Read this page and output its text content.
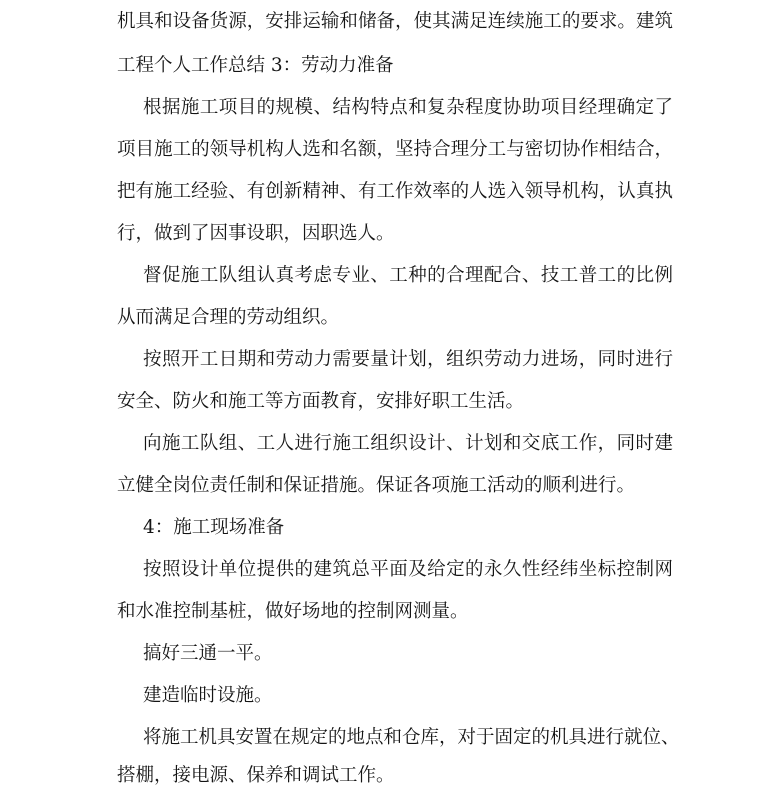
机具和设备货源，安排运输和储备，使其满足连续施工的要求。建筑
工程个人工作总结 3：劳动力准备
根据施工项目的规模、结构特点和复杂程度协助项目经理确定了
项目施工的领导机构人选和名额，坚持合理分工与密切协作相结合，
把有施工经验、有创新精神、有工作效率的人选入领导机构，认真执
行，做到了因事设职，因职选人。
督促施工队组认真考虑专业、工种的合理配合、技工普工的比例
从而满足合理的劳动组织。
按照开工日期和劳动力需要量计划，组织劳动力进场，同时进行
安全、防火和施工等方面教育，安排好职工生活。
向施工队组、工人进行施工组织设计、计划和交底工作，同时建
立健全岗位责任制和保证措施。保证各项施工活动的顺利进行。
4：施工现场准备
按照设计单位提供的建筑总平面及给定的永久性经纬坐标控制网
和水准控制基桩，做好场地的控制网测量。
搞好三通一平。
建造临时设施。
将施工机具安置在规定的地点和仓库，对于固定的机具进行就位、
搭棚，接电源、保养和调试工作。
